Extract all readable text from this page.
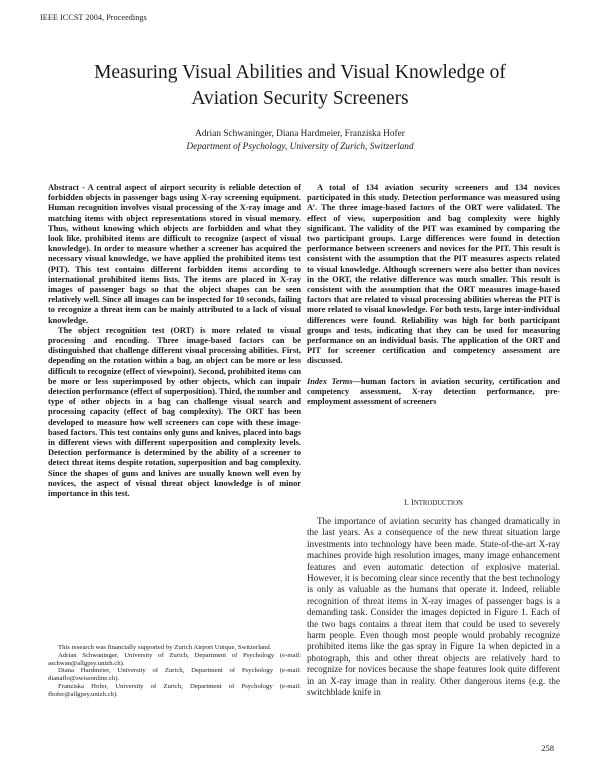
IEEE ICCST 2004, Proceedings
Measuring Visual Abilities and Visual Knowledge of Aviation Security Screeners
Adrian Schwaninger, Diana Hardmeier, Franziska Hofer
Department of Psychology, University of Zurich, Switzerland

Abstract - A central aspect of airport security is reliable detection of forbidden objects in passenger bags using X-ray screening equipment. Human recognition involves visual processing of the X-ray image and matching items with object representations stored in visual memory. Thus, without knowing which objects are forbidden and what they look like, prohibited items are difficult to recognize (aspect of visual knowledge). In order to measure whether a screener has acquired the necessary visual knowledge, we have applied the prohibited items test (PIT). This test contains different forbidden items according to international prohibited items lists. The items are placed in X-ray images of passenger bags so that the object shapes can be seen relatively well. Since all images can be inspected for 10 seconds, failing to recognize a threat item can be mainly attributed to a lack of visual knowledge.

The object recognition test (ORT) is more related to visual processing and encoding. Three image-based factors can be distinguished that challenge different visual processing abilities. First, depending on the rotation within a bag, an object can be more or less difficult to recognize (effect of viewpoint). Second, prohibited items can be more or less superimposed by other objects, which can impair detection performance (effect of superposition). Third, the number and type of other objects in a bag can challenge visual search and processing capacity (effect of bag complexity). The ORT has been developed to measure how well screeners can cope with these image-based factors. This test contains only guns and knives, placed into bags in different views with different superposition and complexity levels. Detection performance is determined by the ability of a screener to detect threat items despite rotation, superposition and bag complexity. Since the shapes of guns and knives are usually known well even by novices, the aspect of visual threat object knowledge is of minor importance in this test.

A total of 134 aviation security screeners and 134 novices participated in this study. Detection performance was measured using A’. The three image-based factors of the ORT were validated. The effect of view, superposition and bag complexity were highly significant. The validity of the PIT was examined by comparing the two participant groups. Large differences were found in detection performance between screeners and novices for the PIT. This result is consistent with the assumption that the PIT measures aspects related to visual knowledge. Although screeners were also better than novices in the ORT, the relative difference was much smaller. This result is consistent with the assumption that the ORT measures image-based factors that are related to visual processing abilities whereas the PIT is more related to visual knowledge. For both tests, large inter-individual differences were found. Reliability was high for both participant groups and tests, indicating that they can be used for measuring performance on an individual basis. The application of the ORT and PIT for screener certification and competency assessment are discussed.

Index Terms—human factors in aviation security, certification and competency assessment, X-ray detection performance, pre-employment assessment of screeners

I. INTRODUCTION

The importance of aviation security has changed dramatically in the last years. As a consequence of the new threat situation large investments into technology have been made. State-of-the-art X-ray machines provide high resolution images, many image enhancement features and even automatic detection of explosive material. However, it is becoming clear since recently that the best technology is only as valuable as the humans that operate it. Indeed, reliable recognition of threat items in X-ray images of passenger bags is a demanding task. Consider the images depicted in Figure 1. Each of the two bags contains a threat item that could be used to severely harm people. Even though most people would probably recognize prohibited items like the gas spray in Figure 1a when depicted in a photograph, this and other threat objects are relatively hard to recognize for novices because the shape features look quite different in an X-ray image than in reality. Other dangerous items (e.g. the switchblade knife in

This research was financially supported by Zurich Airport Unique, Switzerland.

Adrian Schwaninger, University of Zurich, Department of Psychology (e-mail: aschwan@allgpsy.unizh.ch).

Diana Hardmeier, University of Zurich, Department of Psychology (e-mail: dianaflo@swissonline.ch).

Franziska Hofer, University of Zurich, Department of Psychology (e-mail: fhofer@allgpsy.unizh.ch).

258
